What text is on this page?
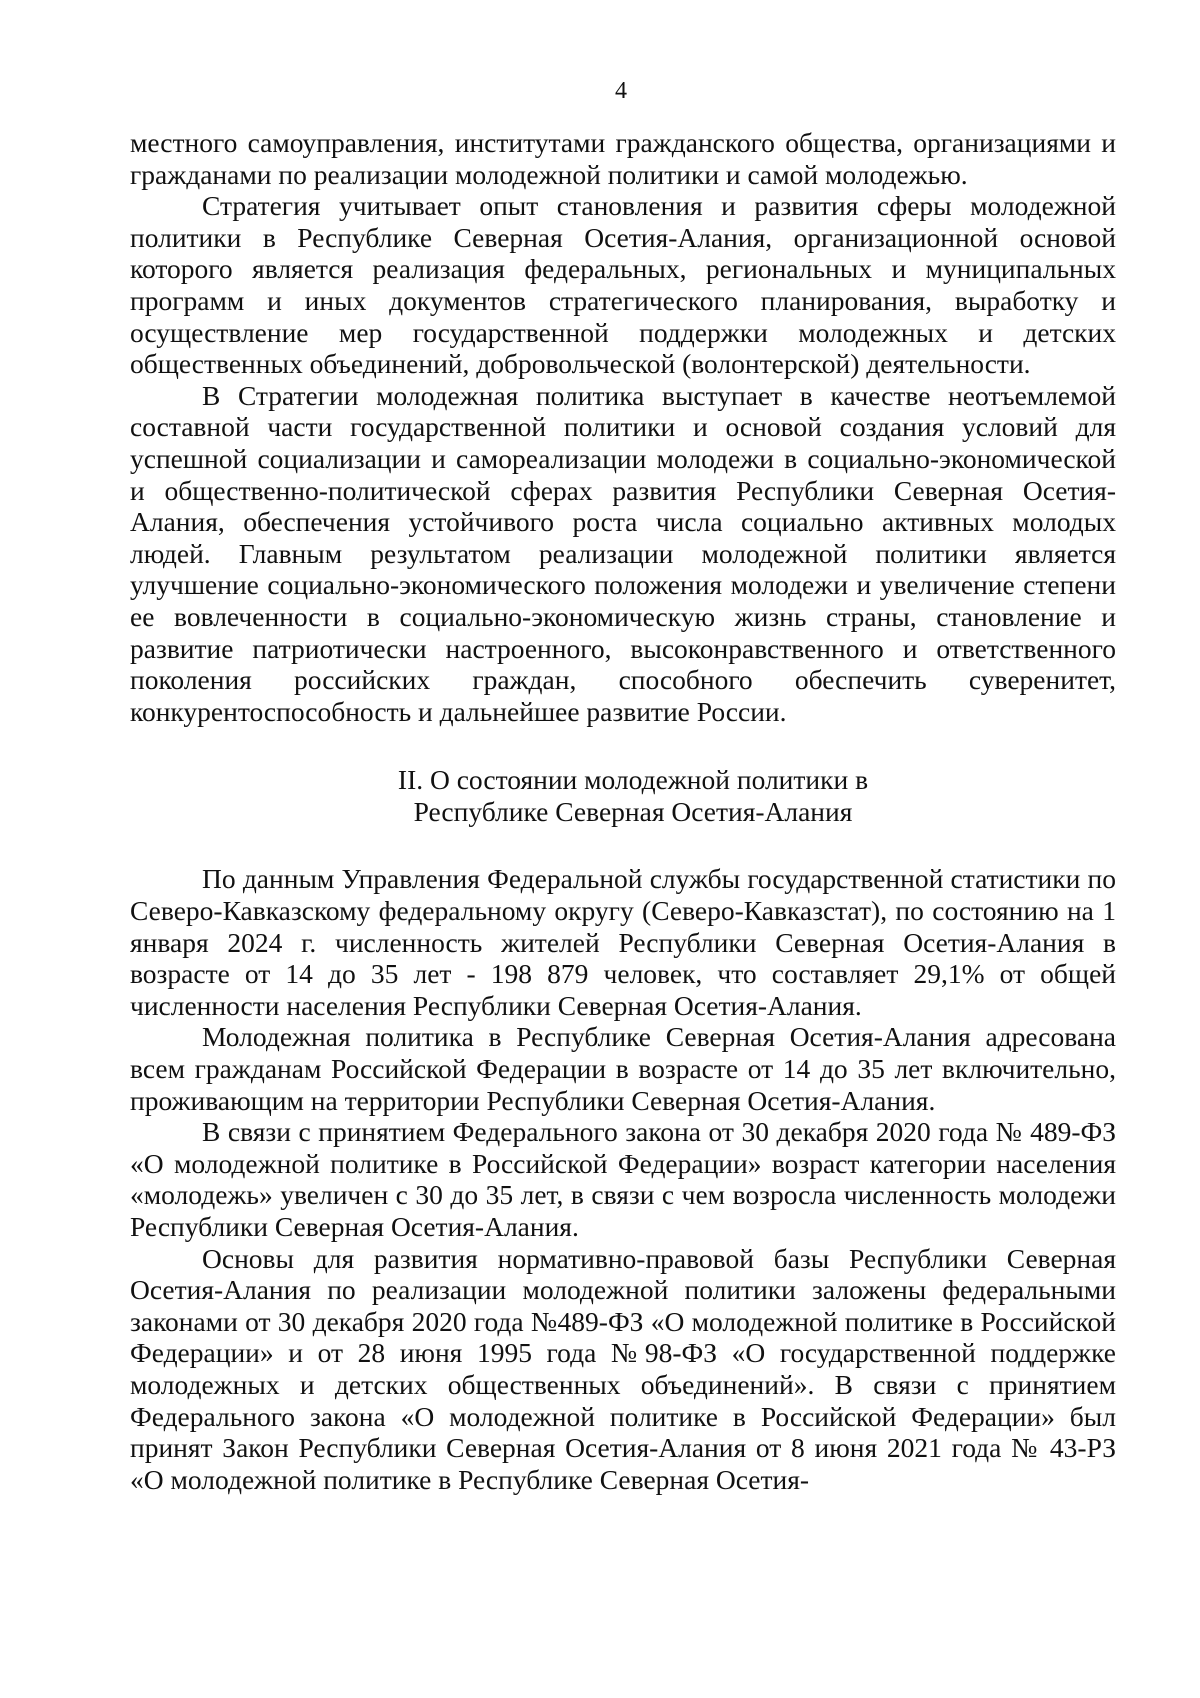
4

местного самоуправления, институтами гражданского общества, организациями и гражданами по реализации молодежной политики и самой молодежью.

Стратегия учитывает опыт становления и развития сферы молодежной политики в Республике Северная Осетия-Алания, организационной основой которого является реализация федеральных, региональных и муниципальных программ и иных документов стратегического планирования, выработку и осуществление мер государственной поддержки молодежных и детских общественных объединений, добровольческой (волонтерской) деятельности.

В Стратегии молодежная политика выступает в качестве неотъемлемой составной части государственной политики и основой создания условий для успешной социализации и самореализации молодежи в социально-экономической и общественно-политической сферах развития Республики Северная Осетия-Алания, обеспечения устойчивого роста числа социально активных молодых людей. Главным результатом реализации молодежной политики является улучшение социально-экономического положения молодежи и увеличение степени ее вовлеченности в социально-экономическую жизнь страны, становление и развитие патриотически настроенного, высоконравственного и ответственного поколения российских граждан, способного обеспечить суверенитет, конкурентоспособность и дальнейшее развитие России.

II. О состоянии молодежной политики в
Республике Северная Осетия-Алания

По данным Управления Федеральной службы государственной статистики по Северо-Кавказскому федеральному округу (Северо-Кавказстат), по состоянию на 1 января 2024 г. численность жителей Республики Северная Осетия-Алания в возрасте от 14 до 35 лет - 198 879 человек, что составляет 29,1% от общей численности населения Республики Северная Осетия-Алания.

Молодежная политика в Республике Северная Осетия-Алания адресована всем гражданам Российской Федерации в возрасте от 14 до 35 лет включительно, проживающим на территории Республики Северная Осетия-Алания.

В связи с принятием Федерального закона от 30 декабря 2020 года № 489-ФЗ «О молодежной политике в Российской Федерации» возраст категории населения «молодежь» увеличен с 30 до 35 лет, в связи с чем возросла численность молодежи Республики Северная Осетия-Алания.

Основы для развития нормативно-правовой базы Республики Северная Осетия-Алания по реализации молодежной политики заложены федеральными законами от 30 декабря 2020 года №489-ФЗ «О молодежной политике в Российской Федерации» и от 28 июня 1995 года №98-ФЗ «О государственной поддержке молодежных и детских общественных объединений». В связи с принятием Федерального закона «О молодежной политике в Российской Федерации» был принят Закон Республики Северная Осетия-Алания от 8 июня 2021 года № 43-РЗ «О молодежной политике в Республике Северная Осетия-
